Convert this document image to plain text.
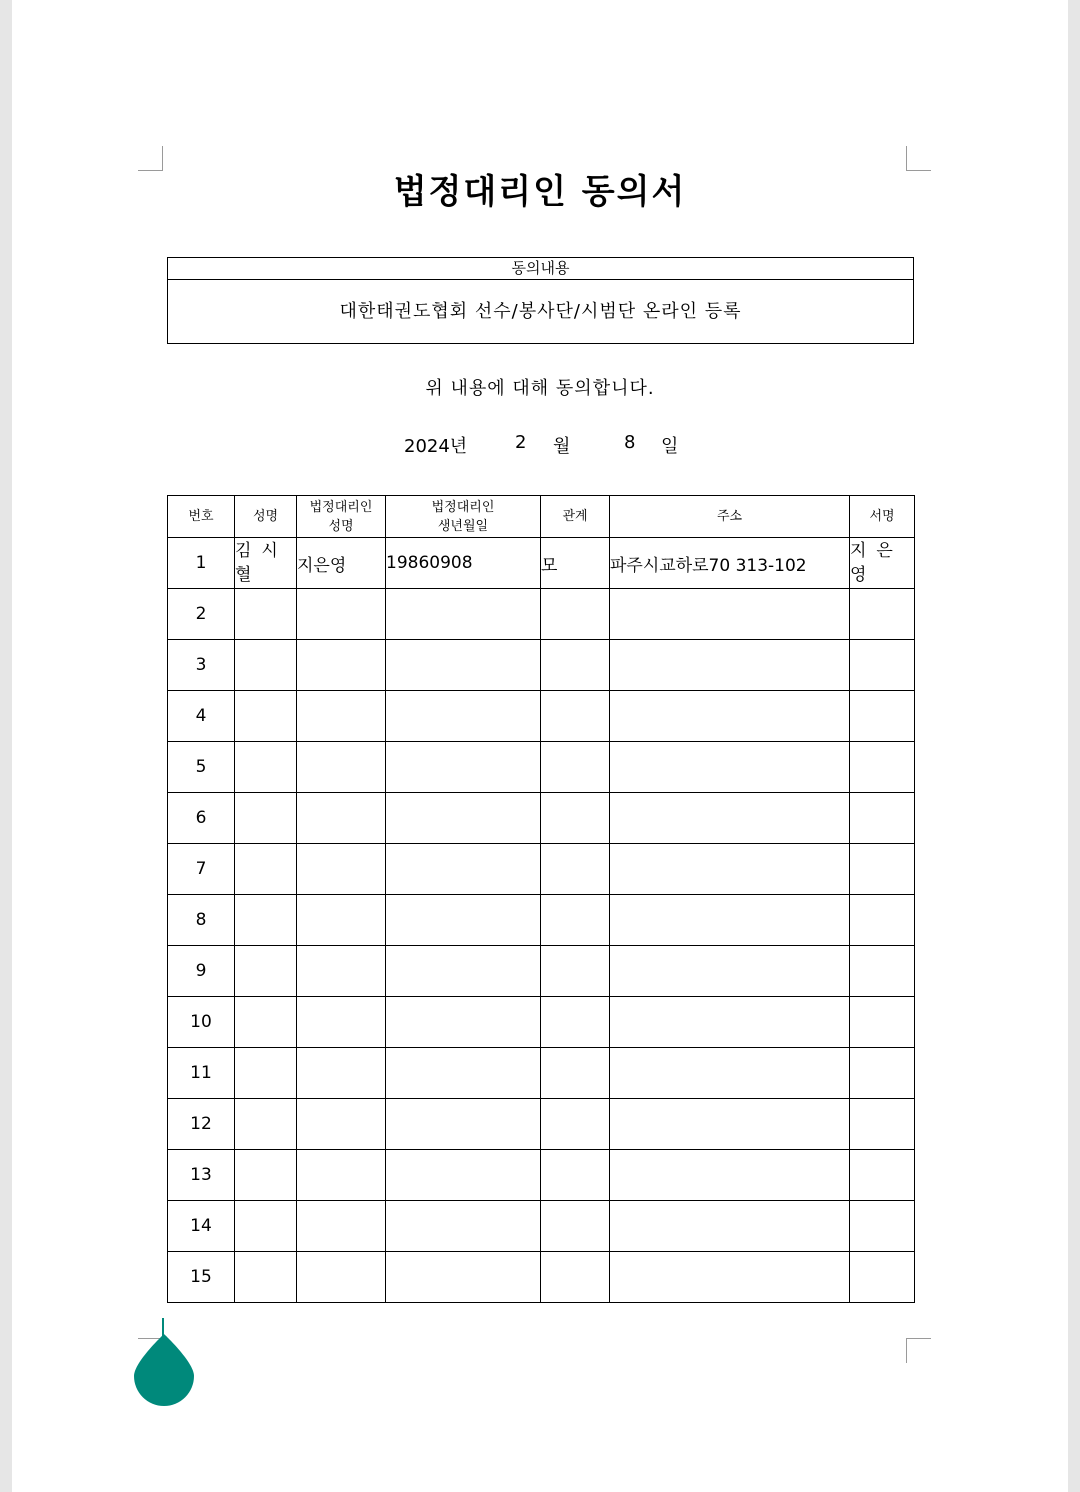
법정대리인 동의서
동의내용
대한태권도협회 선수/봉사단/시범단 온라인 등록
위 내용에 대해 동의합니다.
2024년	2 월	8 일
번호	성명	법정대리인 성명	법정대리인 생년월일	관계	주소	서명
1	김시혈	지은영	19860908	모	파주시교하로70 313-102	지은영
2						
3						
4						
5						
6						
7						
8						
9						
10						
11						
12						
13						
14						
15						
